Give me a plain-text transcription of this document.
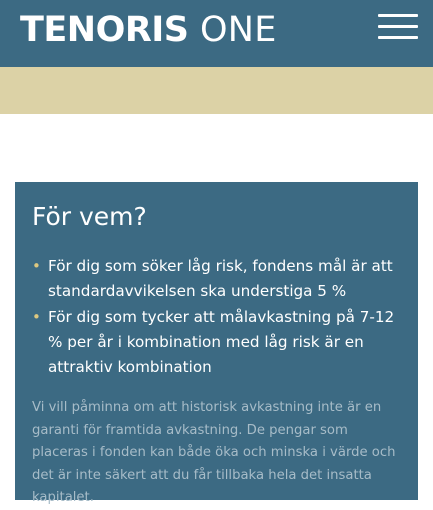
TENORIS ONE
För vem?
• För dig som söker låg risk, fondens mål är att standardavvikelsen ska understiga 5 %
• För dig som tycker att målavkastning på 7-12 % per år i kombination med låg risk är en attraktiv kombination

Vi vill påminna om att historisk avkastning inte är en garanti för framtida avkastning. De pengar som placeras i fonden kan både öka och minska i värde och det är inte säkert att du får tillbaka hela det insatta kapitalet.
